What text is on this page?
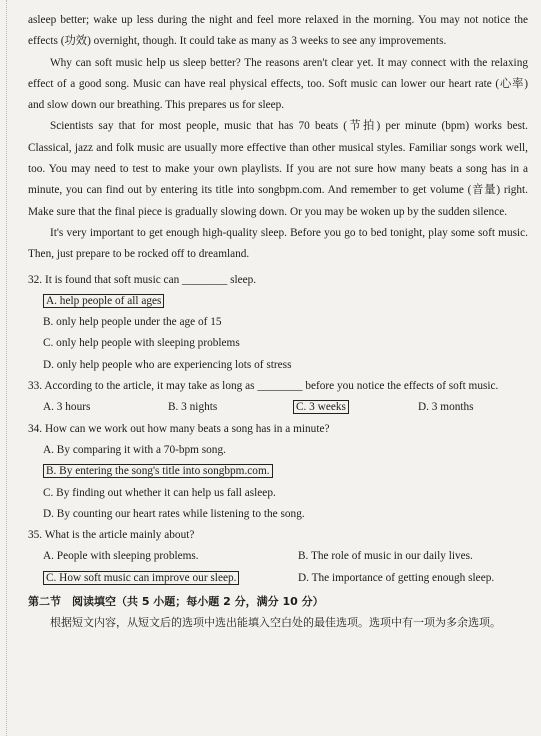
asleep better; wake up less during the night and feel more relaxed in the morning. You may not notice the effects (功效) overnight, though. It could take as many as 3 weeks to see any improvements.

Why can soft music help us sleep better? The reasons aren't clear yet. It may connect with the relaxing effect of a good song. Music can have real physical effects, too. Soft music can lower our heart rate (心率) and slow down our breathing. This prepares us for sleep.

Scientists say that for most people, music that has 70 beats (节拍) per minute (bpm) works best. Classical, jazz and folk music are usually more effective than other musical styles. Familiar songs work well, too. You may need to test to make your own playlists. If you are not sure how many beats a song has in a minute, you can find out by entering its title into songbpm.com. And remember to get volume (音量) right. Make sure that the final piece is gradually slowing down. Or you may be woken up by the sudden silence.

It's very important to get enough high-quality sleep. Before you go to bed tonight, play some soft music. Then, just prepare to be rocked off to dreamland.

32. It is found that soft music can ________ sleep.
A. help people of all ages
B. only help people under the age of 15
C. only help people with sleeping problems
D. only help people who are experiencing lots of stress

33. According to the article, it may take as long as ________ before you notice the effects of soft music.

A. 3 hours	B. 3 nights	C. 3 weeks	D. 3 months
34. How can we work out how many beats a song has in a minute?
A. By comparing it with a 70-bpm song.
B. By entering the song's title into songbpm.com.
C. By finding out whether it can help us fall asleep.
D. By counting our heart rates while listening to the song.
35. What is the article mainly about?
A. People with sleeping problems.	B. The role of music in our daily lives.
C. How soft music can improve our sleep.	D. The importance of getting enough sleep.
第二节　阅读填空（共 5 小题；每小题 2 分，满分 10 分）

根据短文内容，从短文后的选项中选出能填入空白处的最佳选项。选项中有一项为多余选项。
